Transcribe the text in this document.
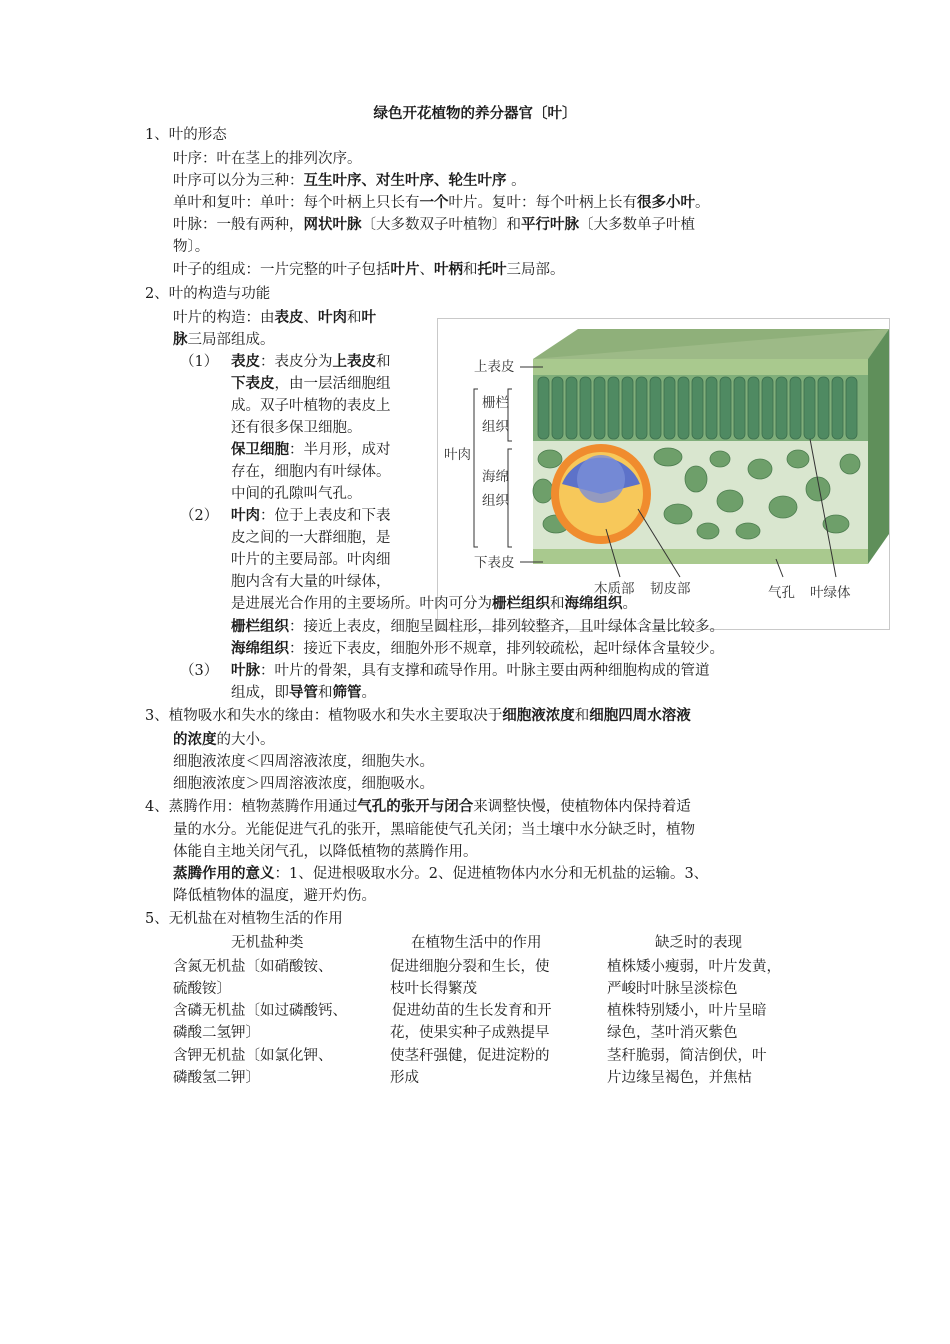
绿色开花植物的养分器官〔叶〕
1、叶的形态
叶序：叶在茎上的排列次序。
叶序可以分为三种：互生叶序、对生叶序、轮生叶序 。
单叶和复叶：单叶：每个叶柄上只长有一个叶片。复叶：每个叶柄上长有很多小叶。
叶脉：一般有两种，网状叶脉〔大多数双子叶植物〕和平行叶脉〔大多数单子叶植
物〕。
叶子的组成：一片完整的叶子包括叶片、叶柄和托叶三局部。
2、叶的构造与功能
叶片的构造：由表皮、叶肉和叶
脉三局部组成。
（1） 表皮：表皮分为上表皮和
下表皮，由一层活细胞组
成。双子叶植物的表皮上
还有很多保卫细胞。
保卫细胞：半月形，成对
存在，细胞内有叶绿体。
中间的孔隙叫气孔。
（2） 叶肉：位于上表皮和下表
皮之间的一大群细胞，是
叶片的主要局部。叶肉细
胞内含有大量的叶绿体，
上表皮
栅栏
组织
叶肉
海绵
组织
下表皮
木质部 韧皮部	气孔 叶绿体
是进展光合作用的主要场所。叶肉可分为栅栏组织和海绵组织。
栅栏组织：接近上表皮，细胞呈圆柱形，排列较整齐，且叶绿体含量比较多。
海绵组织：接近下表皮，细胞外形不规章，排列较疏松，起叶绿体含量较少。
（3） 叶脉：叶片的骨架，具有支撑和疏导作用。叶脉主要由两种细胞构成的管道
组成，即导管和筛管。
3、植物吸水和失水的缘由：植物吸水和失水主要取决于细胞液浓度和细胞四周水溶液
的浓度的大小。
细胞液浓度＜四周溶液浓度，细胞失水。
细胞液浓度＞四周溶液浓度，细胞吸水。
4、蒸腾作用：植物蒸腾作用通过气孔的张开与闭合来调整快慢，使植物体内保持着适
量的水分。光能促进气孔的张开，黑暗能使气孔关闭；当土壤中水分缺乏时，植物
体能自主地关闭气孔，以降低植物的蒸腾作用。
蒸腾作用的意义：1、促进根吸取水分。2、促进植物体内水分和无机盐的运输。3、
降低植物体的温度，避开灼伤。
5、无机盐在对植物生活的作用
无机盐种类	在植物生活中的作用	缺乏时的表现
含氮无机盐〔如硝酸铵、	促进细胞分裂和生长，使	植株矮小瘦弱，叶片发黄，
硫酸铵〕	枝叶长得繁茂	严峻时叶脉呈淡棕色
含磷无机盐〔如过磷酸钙、	促进幼苗的生长发育和开	植株特别矮小，叶片呈暗
磷酸二氢钾〕	花，使果实种子成熟提早	绿色，茎叶消灭紫色
含钾无机盐〔如氯化钾、	使茎秆强健，促进淀粉的	茎秆脆弱，简洁倒伏，叶
磷酸氢二钾〕	形成	片边缘呈褐色，并焦枯
